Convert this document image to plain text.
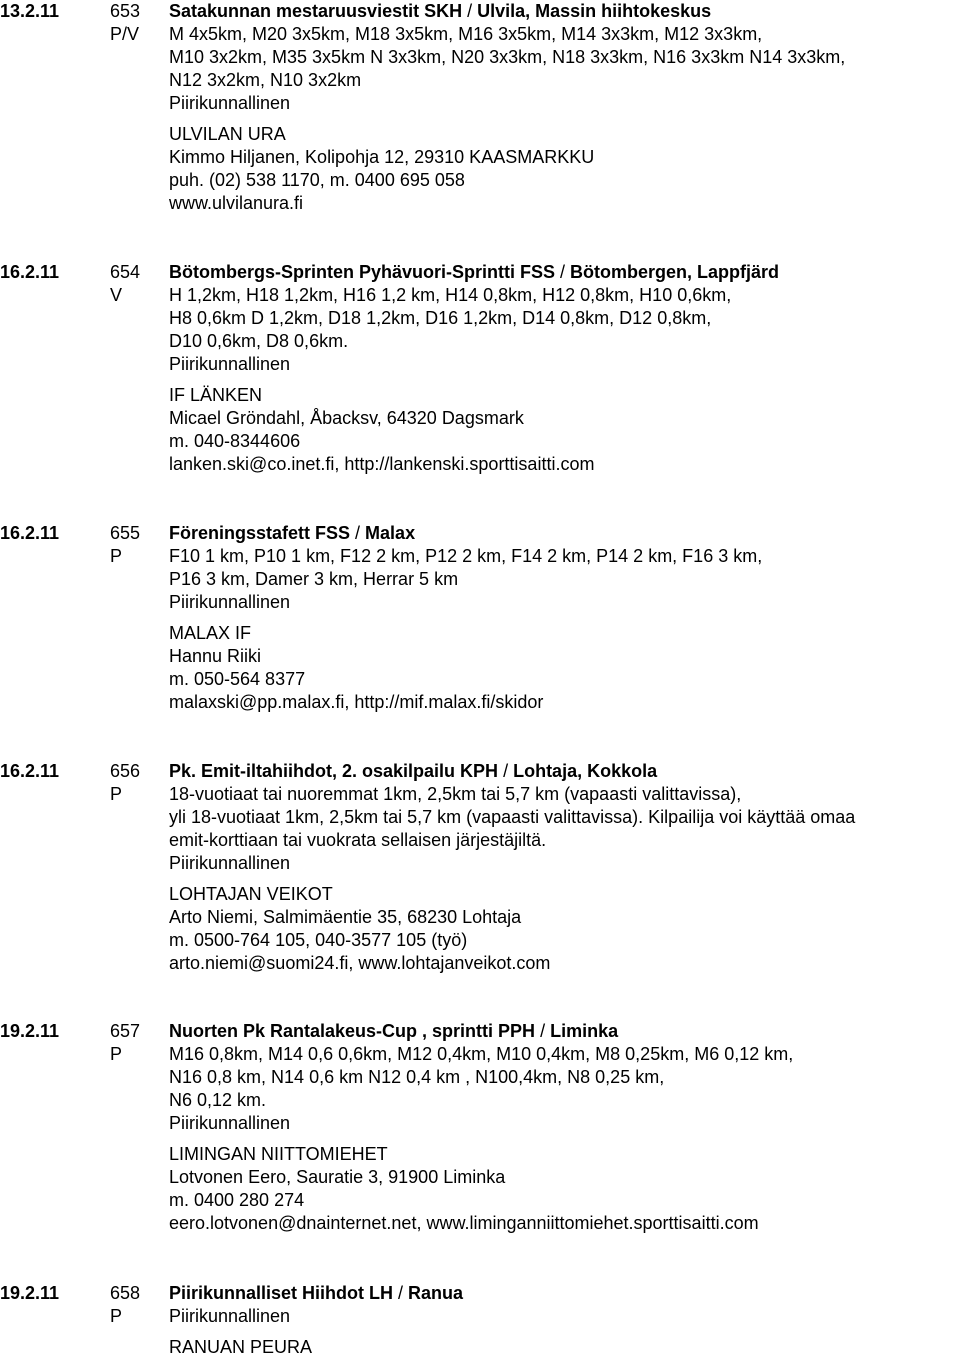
13.2.11	653
P/V
Satakunnan mestaruusviestit SKH / Ulvila, Massin hiihtokeskus
M 4x5km, M20 3x5km, M18 3x5km, M16 3x5km, M14 3x3km, M12 3x3km,
M10 3x2km, M35 3x5km N 3x3km, N20 3x3km, N18 3x3km, N16 3x3km N14 3x3km,
N12 3x2km, N10 3x2km
Piirikunnallinen
ULVILAN URA
Kimmo Hiljanen, Kolipohja 12, 29310 KAASMARKKU
puh. (02) 538 1170, m. 0400 695 058
www.ulvilanura.fi
16.2.11	654
V
Bötombergs-Sprinten Pyhävuori-Sprintti FSS / Bötombergen, Lappfjärd
H 1,2km, H18 1,2km, H16 1,2 km, H14 0,8km, H12 0,8km, H10 0,6km,
H8 0,6km D 1,2km, D18 1,2km, D16 1,2km, D14 0,8km, D12 0,8km,
D10 0,6km, D8 0,6km.
Piirikunnallinen
IF LÄNKEN
Micael Gröndahl, Åbacksv, 64320 Dagsmark
m. 040-8344606
lanken.ski@co.inet.fi, http://lankenski.sporttisaitti.com
16.2.11	655
P
Föreningsstafett FSS / Malax
F10 1 km, P10 1 km, F12 2 km, P12 2 km, F14 2 km, P14 2 km, F16 3 km,
P16 3 km, Damer 3 km, Herrar 5 km
Piirikunnallinen
MALAX IF
Hannu Riiki
m. 050-564 8377
malaxski@pp.malax.fi, http://mif.malax.fi/skidor
16.2.11	656
P
Pk. Emit-iltahiihdot, 2. osakilpailu KPH / Lohtaja, Kokkola
18-vuotiaat tai nuoremmat 1km, 2,5km tai 5,7 km (vapaasti valittavissa),
yli 18-vuotiaat 1km, 2,5km tai 5,7 km (vapaasti valittavissa). Kilpailija voi käyttää omaa
emit-korttiaan tai vuokrata sellaisen järjestäjiltä.
Piirikunnallinen
LOHTAJAN VEIKOT
Arto Niemi, Salmimäentie 35, 68230 Lohtaja
m. 0500-764 105, 040-3577 105 (työ)
arto.niemi@suomi24.fi, www.lohtajanveikot.com
19.2.11	657
P
Nuorten Pk Rantalakeus-Cup , sprintti PPH / Liminka
M16 0,8km, M14 0,6 0,6km, M12 0,4km, M10 0,4km, M8 0,25km, M6 0,12 km,
N16 0,8 km, N14 0,6 km N12 0,4 km , N100,4km, N8 0,25 km,
N6 0,12 km.
Piirikunnallinen
LIMINGAN NIITTOMIEHET
Lotvonen Eero, Sauratie 3, 91900 Liminka
m. 0400 280 274
eero.lotvonen@dnainternet.net, www.liminganniittomiehet.sporttisaitti.com
19.2.11	658
P
Piirikunnalliset Hiihdot LH / Ranua
Piirikunnallinen
RANUAN PEURA
